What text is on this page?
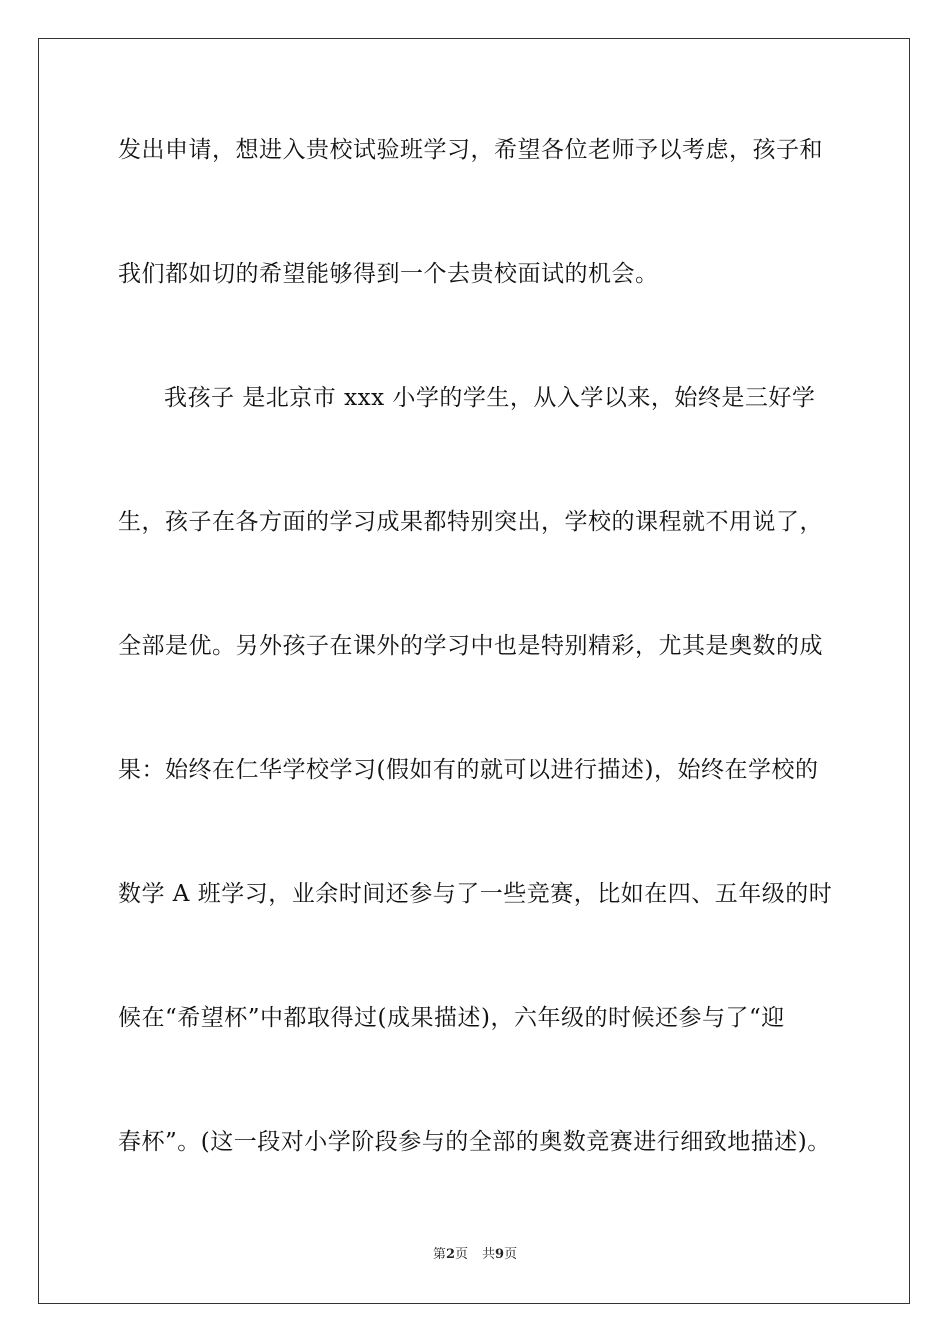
发出申请，想进入贵校试验班学习，希望各位老师予以考虑，孩子和
我们都如切的希望能够得到一个去贵校面试的机会。
我孩子 是北京市 xxx 小学的学生，从入学以来，始终是三好学
生，孩子在各方面的学习成果都特别突出，学校的课程就不用说了，
全部是优。另外孩子在课外的学习中也是特别精彩，尤其是奥数的成
果：始终在仁华学校学习(假如有的就可以进行描述)，始终在学校的
数学 A 班学习，业余时间还参与了一些竞赛，比如在四、五年级的时
候在“希望杯”中都取得过(成果描述)，六年级的时候还参与了“迎
春杯”。(这一段对小学阶段参与的全部的奥数竞赛进行细致地描述)。
第2页 共9页
